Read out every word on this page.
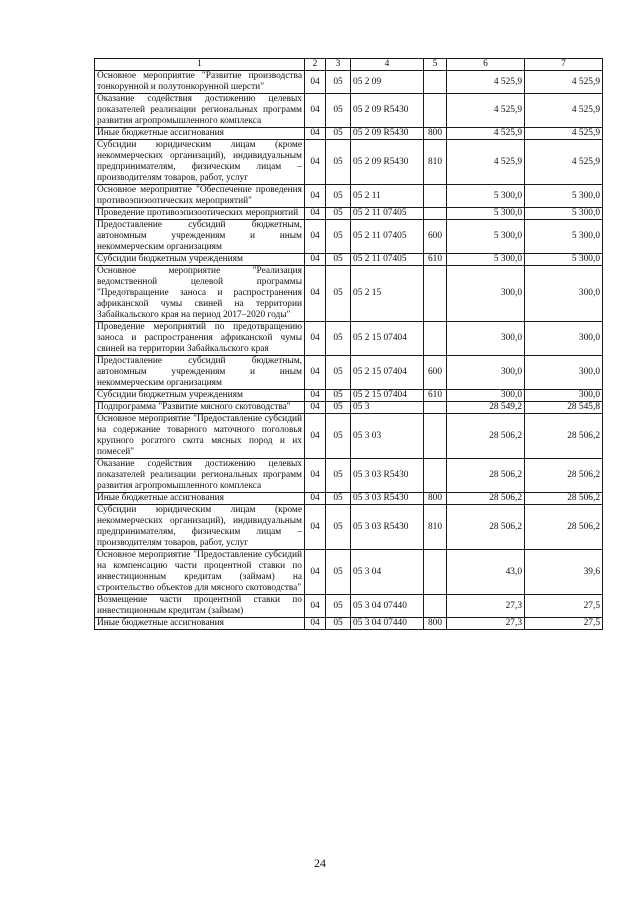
1	2	3	4	5	6	7
Основное мероприятие "Развитие производства тонкорунной и полутонкорунной шерсти"	04	05	05 2 09		4 525,9	4 525,9
Оказание содействия достижению целевых показателей реализации региональных программ развития агропромышленного комплекса	04	05	05 2 09 R5430		4 525,9	4 525,9
Иные бюджетные ассигнования	04	05	05 2 09 R5430	800	4 525,9	4 525,9
Субсидии юридическим лицам (кроме некоммерческих организаций), индивидуальным предпринимателям, физическим лицам – производителям товаров, работ, услуг	04	05	05 2 09 R5430	810	4 525,9	4 525,9
Основное мероприятие "Обеспечение проведения противоэпизоотических мероприятий"	04	05	05 2 11		5 300,0	5 300,0
Проведение противоэпизоотических мероприятий	04	05	05 2 11 07405		5 300,0	5 300,0
Предоставление субсидий бюджетным, автономным учреждениям и иным некоммерческим организациям	04	05	05 2 11 07405	600	5 300,0	5 300,0
Субсидии бюджетным учреждениям	04	05	05 2 11 07405	610	5 300,0	5 300,0
Основное мероприятие "Реализация ведомственной целевой программы "Предотвращение заноса и распространения африканской чумы свиней на территории Забайкальского края на период 2017–2020 годы"	04	05	05 2 15		300,0	300,0
Проведение мероприятий по предотвращению заноса и распространения африканской чумы свиней на территории Забайкальского края	04	05	05 2 15 07404		300,0	300,0
Предоставление субсидий бюджетным, автономным учреждениям и иным некоммерческим организациям	04	05	05 2 15 07404	600	300,0	300,0
Субсидии бюджетным учреждениям	04	05	05 2 15 07404	610	300,0	300,0
Подпрограмма "Развитие мясного скотоводства"	04	05	05 3		28 549,2	28 545,8
Основное мероприятие "Предоставление субсидий на содержание товарного маточного поголовья крупного рогатого скота мясных пород и их помесей"	04	05	05 3 03		28 506,2	28 506,2
Оказание содействия достижению целевых показателей реализации региональных программ развития агропромышленного комплекса	04	05	05 3 03 R5430		28 506,2	28 506,2
Иные бюджетные ассигнования	04	05	05 3 03 R5430	800	28 506,2	28 506,2
Субсидии юридическим лицам (кроме некоммерческих организаций), индивидуальным предпринимателям, физическим лицам – производителям товаров, работ, услуг	04	05	05 3 03 R5430	810	28 506,2	28 506,2
Основное мероприятие "Предоставление субсидий на компенсацию части процентной ставки по инвестиционным кредитам (займам) на строительство объектов для мясного скотоводства"	04	05	05 3 04		43,0	39,6
Возмещение части процентной ставки по инвестиционным кредитам (займам)	04	05	05 3 04 07440		27,3	27,5
Иные бюджетные ассигнования	04	05	05 3 04 07440	800	27,3	27,5
24
